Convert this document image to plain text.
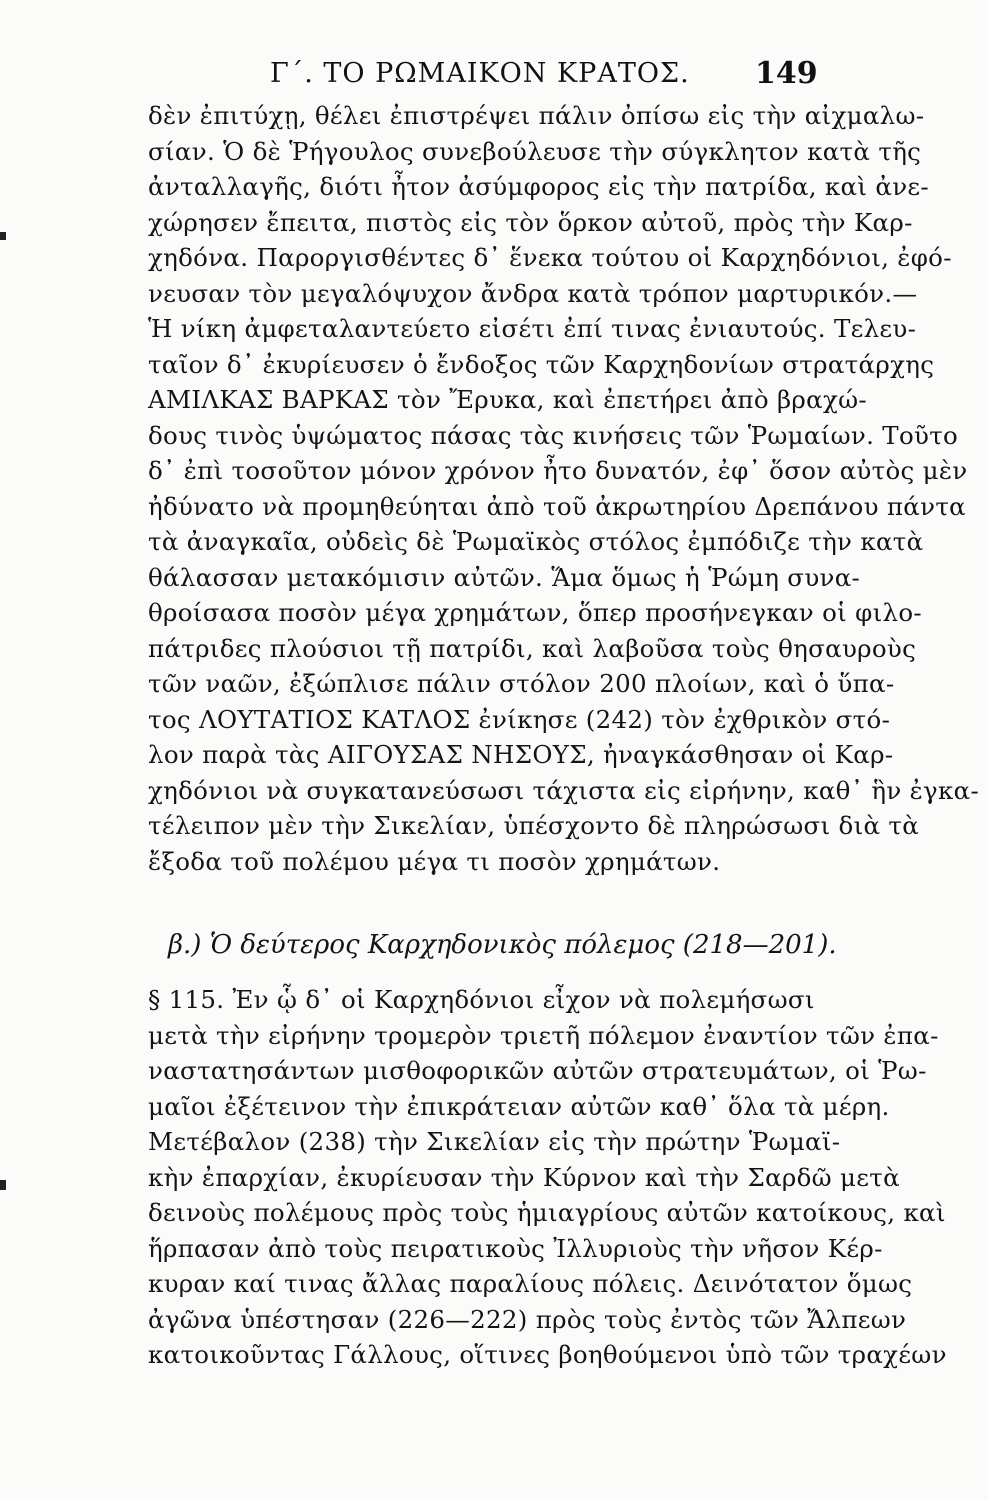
Γ΄. ΤΟ ΡΩΜΑΙΚΟΝ ΚΡΑΤΟΣ. 149
δὲν ἐπιτύχῃ, θέλει ἐπιστρέψει πάλιν ὀπίσω εἰς τὴν αἰχμαλω-
σίαν. Ὁ δὲ Ῥήγουλος συνεβούλευσε τὴν σύγκλητον κατὰ τῆς
ἀνταλλαγῆς, διότι ἦτον ἀσύμφορος εἰς τὴν πατρίδα, καὶ ἀνε-
χώρησεν ἔπειτα, πιστὸς εἰς τὸν ὅρκον αὐτοῦ, πρὸς τὴν Καρ-
χηδόνα. Παροργισθέντες δ᾽ ἕνεκα τούτου οἱ Καρχηδόνιοι, ἐφό-
νευσαν τὸν μεγαλόψυχον ἄνδρα κατὰ τρόπον μαρτυρικόν.—
Ἡ νίκη ἀμφεταλαντεύετο εἰσέτι ἐπί τινας ἐνιαυτούς. Τελευ-
ταῖον δ᾽ ἐκυρίευσεν ὁ ἔνδοξος τῶν Καρχηδονίων στρατάρχης
ΑΜΙΛΚΑΣ ΒΑΡΚΑΣ τὸν Ἔρυκα, καὶ ἐπετήρει ἀπὸ βραχώ-
δους τινὸς ὑψώματος πάσας τὰς κινήσεις τῶν Ῥωμαίων. Τοῦτο
δ᾽ ἐπὶ τοσοῦτον μόνον χρόνον ἦτο δυνατόν, ἐφ᾽ ὅσον αὐτὸς μὲν
ἠδύνατο νὰ προμηθεύηται ἀπὸ τοῦ ἀκρωτηρίου Δρεπάνου πάντα
τὰ ἀναγκαῖα, οὐδεὶς δὲ Ῥωμαϊκὸς στόλος ἐμπόδιζε τὴν κατὰ
θάλασσαν μετακόμισιν αὐτῶν. Ἅμα ὅμως ἡ Ῥώμη συνα-
θροίσασα ποσὸν μέγα χρημάτων, ὅπερ προσήνεγκαν οἱ φιλο-
πάτριδες πλούσιοι τῇ πατρίδι, καὶ λαβοῦσα τοὺς θησαυροὺς
τῶν ναῶν, ἐξώπλισε πάλιν στόλον 200 πλοίων, καὶ ὁ ὕπα-
τος ΛΟΥΤΑΤΙΟΣ ΚΑΤΛΟΣ ἐνίκησε (242) τὸν ἐχθρικὸν στό-
λον παρὰ τὰς ΑΙΓΟΥΣΑΣ ΝΗΣΟΥΣ, ἠναγκάσθησαν οἱ Καρ-
χηδόνιοι νὰ συγκατανεύσωσι τάχιστα εἰς εἰρήνην, καθ᾽ ἣν ἐγκα-
τέλειπον μὲν τὴν Σικελίαν, ὑπέσχοντο δὲ πληρώσωσι διὰ τὰ
ἔξοδα τοῦ πολέμου μέγα τι ποσὸν χρημάτων.
β.) Ὁ δεύτερος Καρχηδονικὸς πόλεμος (218—201).
§ 115. Ἐν ᾧ δ᾽ οἱ Καρχηδόνιοι εἶχον νὰ πολεμήσωσι
μετὰ τὴν εἰρήνην τρομερὸν τριετῆ πόλεμον ἐναντίον τῶν ἐπα-
ναστατησάντων μισθοφορικῶν αὐτῶν στρατευμάτων, οἱ Ῥω-
μαῖοι ἐξέτεινον τὴν ἐπικράτειαν αὐτῶν καθ᾽ ὅλα τὰ μέρη.
Μετέβαλον (238) τὴν Σικελίαν εἰς τὴν πρώτην Ῥωμαϊ-
κὴν ἐπαρχίαν, ἐκυρίευσαν τὴν Κύρνον καὶ τὴν Σαρδῶ μετὰ
δεινοὺς πολέμους πρὸς τοὺς ἡμιαγρίους αὐτῶν κατοίκους, καὶ
ἥρπασαν ἀπὸ τοὺς πειρατικοὺς Ἰλλυριοὺς τὴν νῆσον Κέρ-
κυραν καί τινας ἄλλας παραλίους πόλεις. Δεινότατον ὅμως
ἀγῶνα ὑπέστησαν (226—222) πρὸς τοὺς ἐντὸς τῶν Ἄλπεων
κατοικοῦντας Γάλλους, οἵτινες βοηθούμενοι ὑπὸ τῶν τραχέων
